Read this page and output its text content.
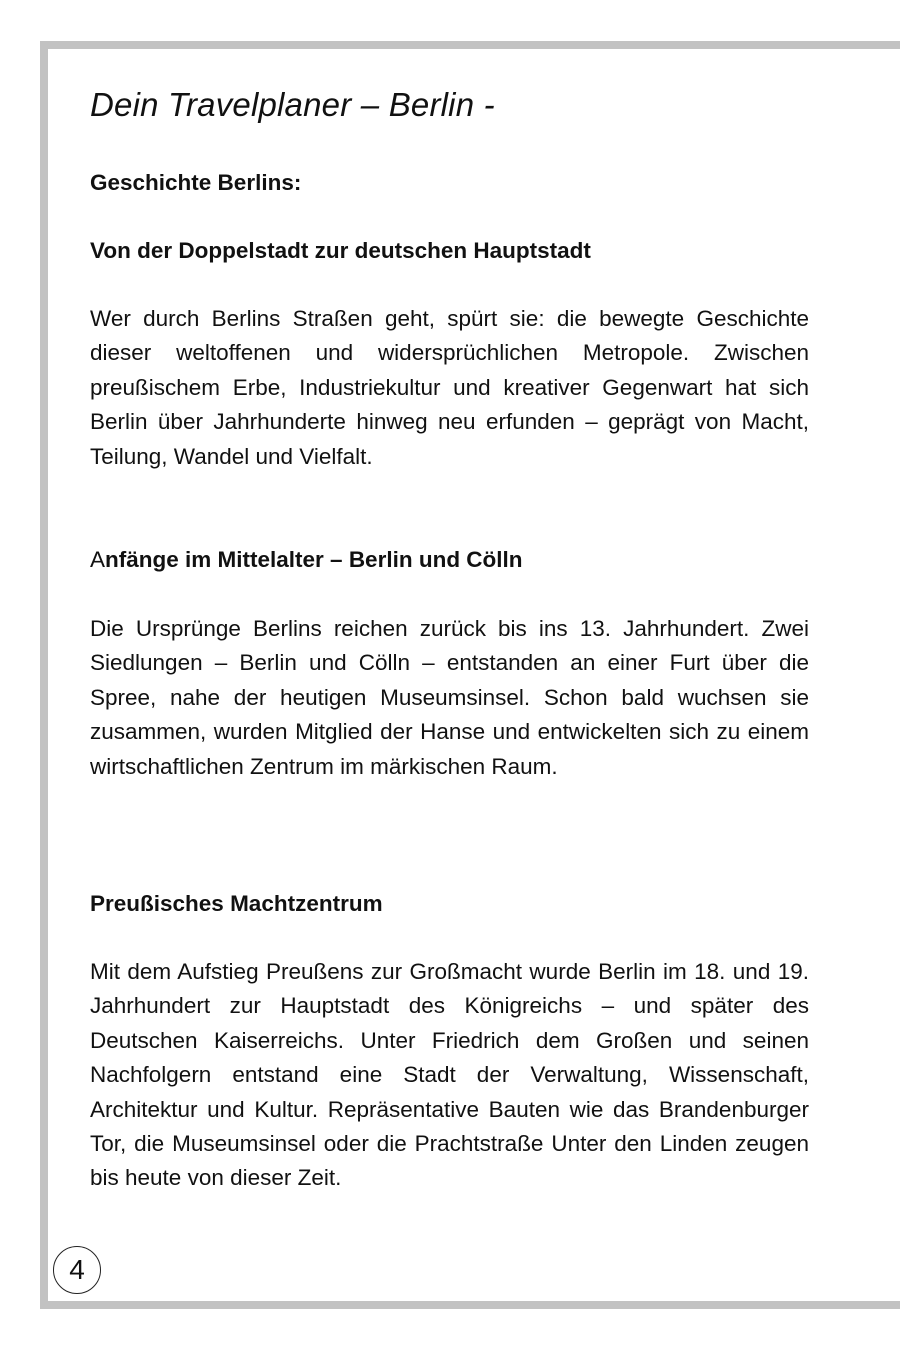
Dein Travelplaner – Berlin -
Geschichte Berlins:
Von der Doppelstadt zur deutschen Hauptstadt

Wer durch Berlins Straßen geht, spürt sie: die bewegte Geschichte dieser weltoffenen und widersprüchlichen Metropole. Zwischen preußischem Erbe, Industriekultur und kreativer Gegenwart hat sich Berlin über Jahrhunderte hinweg neu erfunden – geprägt von Macht, Teilung, Wandel und Vielfalt.

Anfänge im Mittelalter – Berlin und Cölln

Die Ursprünge Berlins reichen zurück bis ins 13. Jahrhundert. Zwei Siedlungen – Berlin und Cölln – entstanden an einer Furt über die Spree, nahe der heutigen Museumsinsel. Schon bald wuchsen sie zusammen, wurden Mitglied der Hanse und entwickelten sich zu einem wirtschaftlichen Zentrum im märkischen Raum.

Preußisches Machtzentrum

Mit dem Aufstieg Preußens zur Großmacht wurde Berlin im 18. und 19. Jahrhundert zur Hauptstadt des Königreichs – und später des Deutschen Kaiserreichs. Unter Friedrich dem Großen und seinen Nachfolgern entstand eine Stadt der Verwaltung, Wissenschaft, Architektur und Kultur. Repräsentative Bauten wie das Brandenburger Tor, die Museumsinsel oder die Prachtstraße Unter den Linden zeugen bis heute von dieser Zeit.

4
